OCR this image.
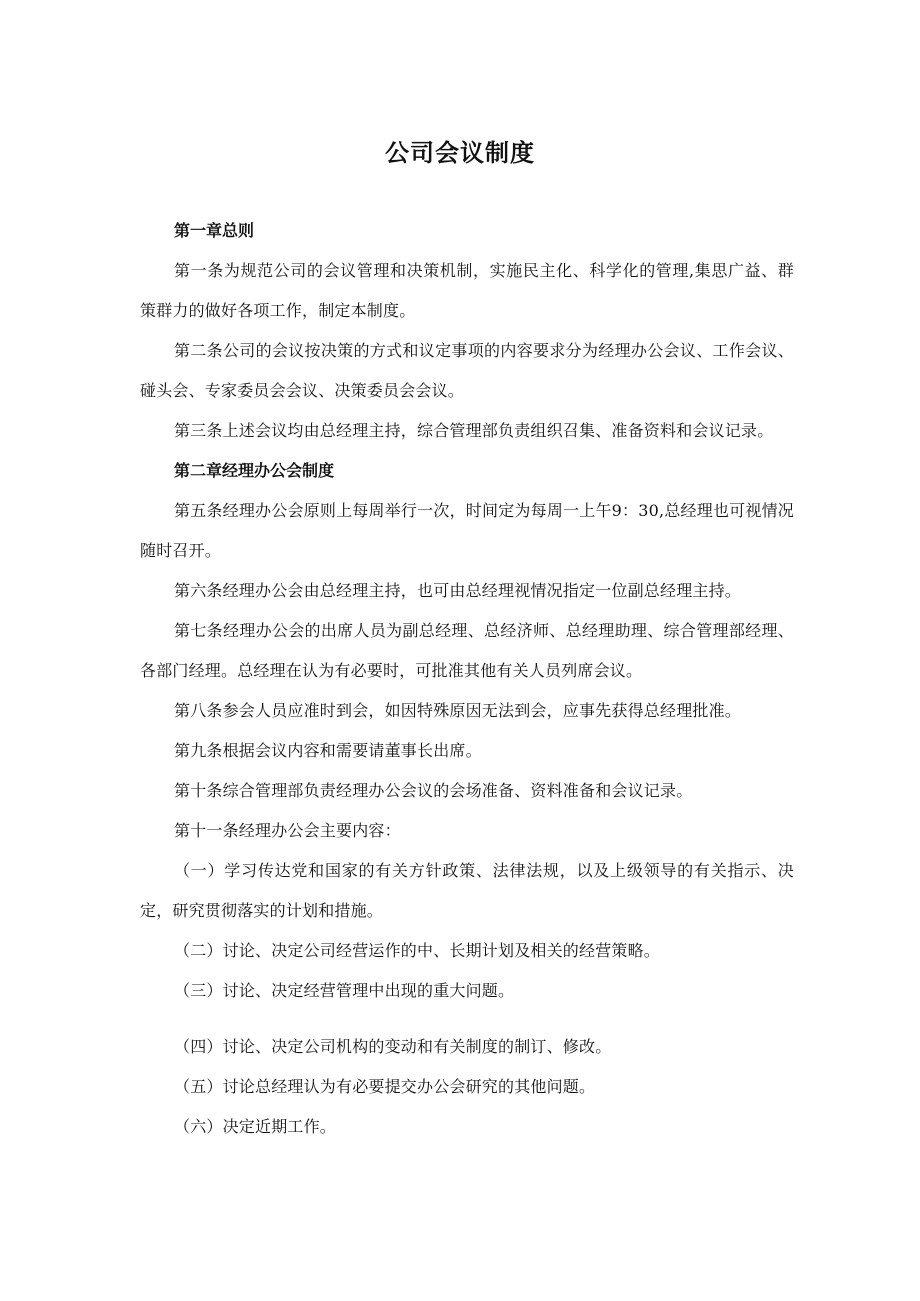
公司会议制度

第一章总则

第一条为规范公司的会议管理和决策机制，实施民主化、科学化的管理,集思广益、群策群力的做好各项工作，制定本制度。

第二条公司的会议按决策的方式和议定事项的内容要求分为经理办公会议、工作会议、碰头会、专家委员会会议、决策委员会会议。

第三条上述会议均由总经理主持，综合管理部负责组织召集、准备资料和会议记录。

第二章经理办公会制度

第五条经理办公会原则上每周举行一次，时间定为每周一上午9：30,总经理也可视情况随时召开。

第六条经理办公会由总经理主持，也可由总经理视情况指定一位副总经理主持。

第七条经理办公会的出席人员为副总经理、总经济师、总经理助理、综合管理部经理、各部门经理。总经理在认为有必要时，可批准其他有关人员列席会议。

第八条参会人员应准时到会，如因特殊原因无法到会，应事先获得总经理批准。

第九条根据会议内容和需要请董事长出席。

第十条综合管理部负责经理办公会议的会场准备、资料准备和会议记录。

第十一条经理办公会主要内容：

（一）学习传达党和国家的有关方针政策、法律法规，以及上级领导的有关指示、决定，研究贯彻落实的计划和措施。

（二）讨论、决定公司经营运作的中、长期计划及相关的经营策略。

（三）讨论、决定经营管理中出现的重大问题。

（四）讨论、决定公司机构的变动和有关制度的制订、修改。

（五）讨论总经理认为有必要提交办公会研究的其他问题。

（六）决定近期工作。
